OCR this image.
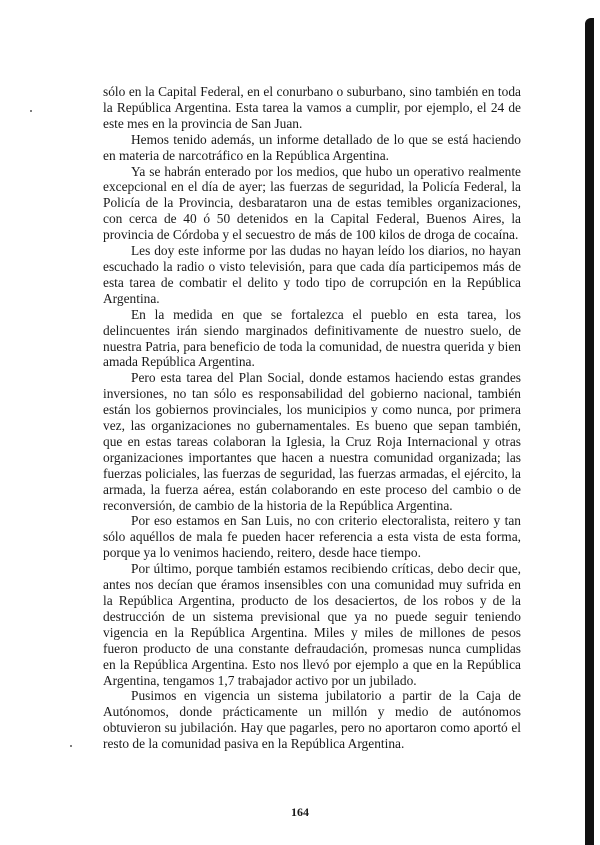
sólo en la Capital Federal, en el conurbano o suburbano, sino también en toda la República Argentina. Esta tarea la vamos a cumplir, por ejemplo, el 24 de este mes en la provincia de San Juan.

Hemos tenido además, un informe detallado de lo que se está haciendo en materia de narcotráfico en la República Argentina.

Ya se habrán enterado por los medios, que hubo un operativo realmente excepcional en el día de ayer; las fuerzas de seguridad, la Policía Federal, la Policía de la Provincia, desbarataron una de estas temibles organizaciones, con cerca de 40 ó 50 detenidos en la Capital Federal, Buenos Aires, la provincia de Córdoba y el secuestro de más de 100 kilos de droga de cocaína.

Les doy este informe por las dudas no hayan leído los diarios, no hayan escuchado la radio o visto televisión, para que cada día participemos más de esta tarea de combatir el delito y todo tipo de corrupción en la República Argentina.

En la medida en que se fortalezca el pueblo en esta tarea, los delincuentes irán siendo marginados definitivamente de nuestro suelo, de nuestra Patria, para beneficio de toda la comunidad, de nuestra querida y bien amada República Argentina.

Pero esta tarea del Plan Social, donde estamos haciendo estas grandes inversiones, no tan sólo es responsabilidad del gobierno nacional, también están los gobiernos provinciales, los municipios y como nunca, por primera vez, las organizaciones no gubernamentales. Es bueno que sepan también, que en estas tareas colaboran la Iglesia, la Cruz Roja Internacional y otras organizaciones importantes que hacen a nuestra comunidad organizada; las fuerzas policiales, las fuerzas de seguridad, las fuerzas armadas, el ejército, la armada, la fuerza aérea, están colaborando en este proceso del cambio o de reconversión, de cambio de la historia de la República Argentina.

Por eso estamos en San Luis, no con criterio electoralista, reitero y tan sólo aquéllos de mala fe pueden hacer referencia a esta vista de esta forma, porque ya lo venimos haciendo, reitero, desde hace tiempo.

Por último, porque también estamos recibiendo críticas, debo decir que, antes nos decían que éramos insensibles con una comunidad muy sufrida en la República Argentina, producto de los desaciertos, de los robos y de la destrucción de un sistema previsional que ya no puede seguir teniendo vigencia en la República Argentina. Miles y miles de millones de pesos fueron producto de una constante defraudación, promesas nunca cumplidas en la República Argentina. Esto nos llevó por ejemplo a que en la República Argentina, tengamos 1,7 trabajador activo por un jubilado.

Pusimos en vigencia un sistema jubilatorio a partir de la Caja de Autónomos, donde prácticamente un millón y medio de autónomos obtuvieron su jubilación. Hay que pagarles, pero no aportaron como aportó el resto de la comunidad pasiva en la República Argentina.

164
